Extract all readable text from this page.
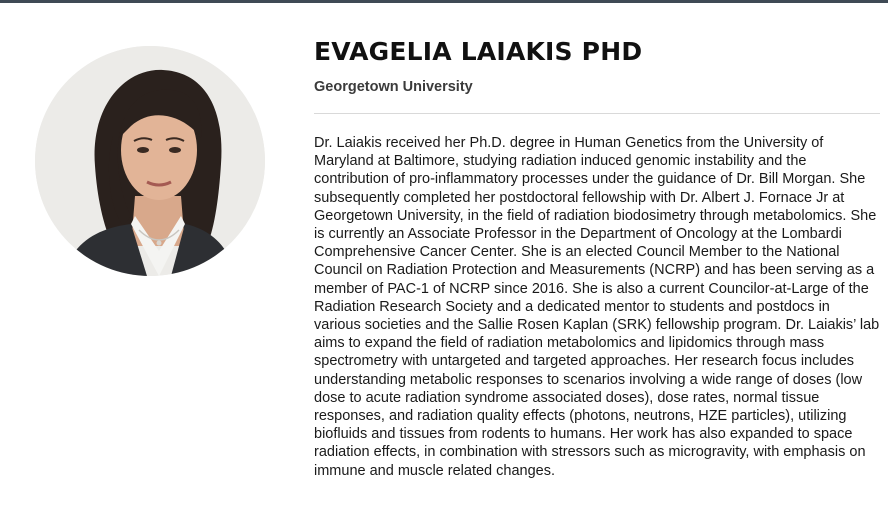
EVAGELIA LAIAKIS PHD

Georgetown University

Dr. Laiakis received her Ph.D. degree in Human Genetics from the University of Maryland at Baltimore, studying radiation induced genomic instability and the contribution of pro-inflammatory processes under the guidance of Dr. Bill Morgan. She subsequently completed her postdoctoral fellowship with Dr. Albert J. Fornace Jr at Georgetown University, in the field of radiation biodosimetry through metabolomics. She is currently an Associate Professor in the Department of Oncology at the Lombardi Comprehensive Cancer Center. She is an elected Council Member to the National Council on Radiation Protection and Measurements (NCRP) and has been serving as a member of PAC-1 of NCRP since 2016. She is also a current Councilor-at-Large of the Radiation Research Society and a dedicated mentor to students and postdocs in various societies and the Sallie Rosen Kaplan (SRK) fellowship program. Dr. Laiakis’ lab aims to expand the field of radiation metabolomics and lipidomics through mass spectrometry with untargeted and targeted approaches. Her research focus includes understanding metabolic responses to scenarios involving a wide range of doses (low dose to acute radiation syndrome associated doses), dose rates, normal tissue responses, and radiation quality effects (photons, neutrons, HZE particles), utilizing biofluids and tissues from rodents to humans. Her work has also expanded to space radiation effects, in combination with stressors such as microgravity, with emphasis on immune and muscle related changes.
